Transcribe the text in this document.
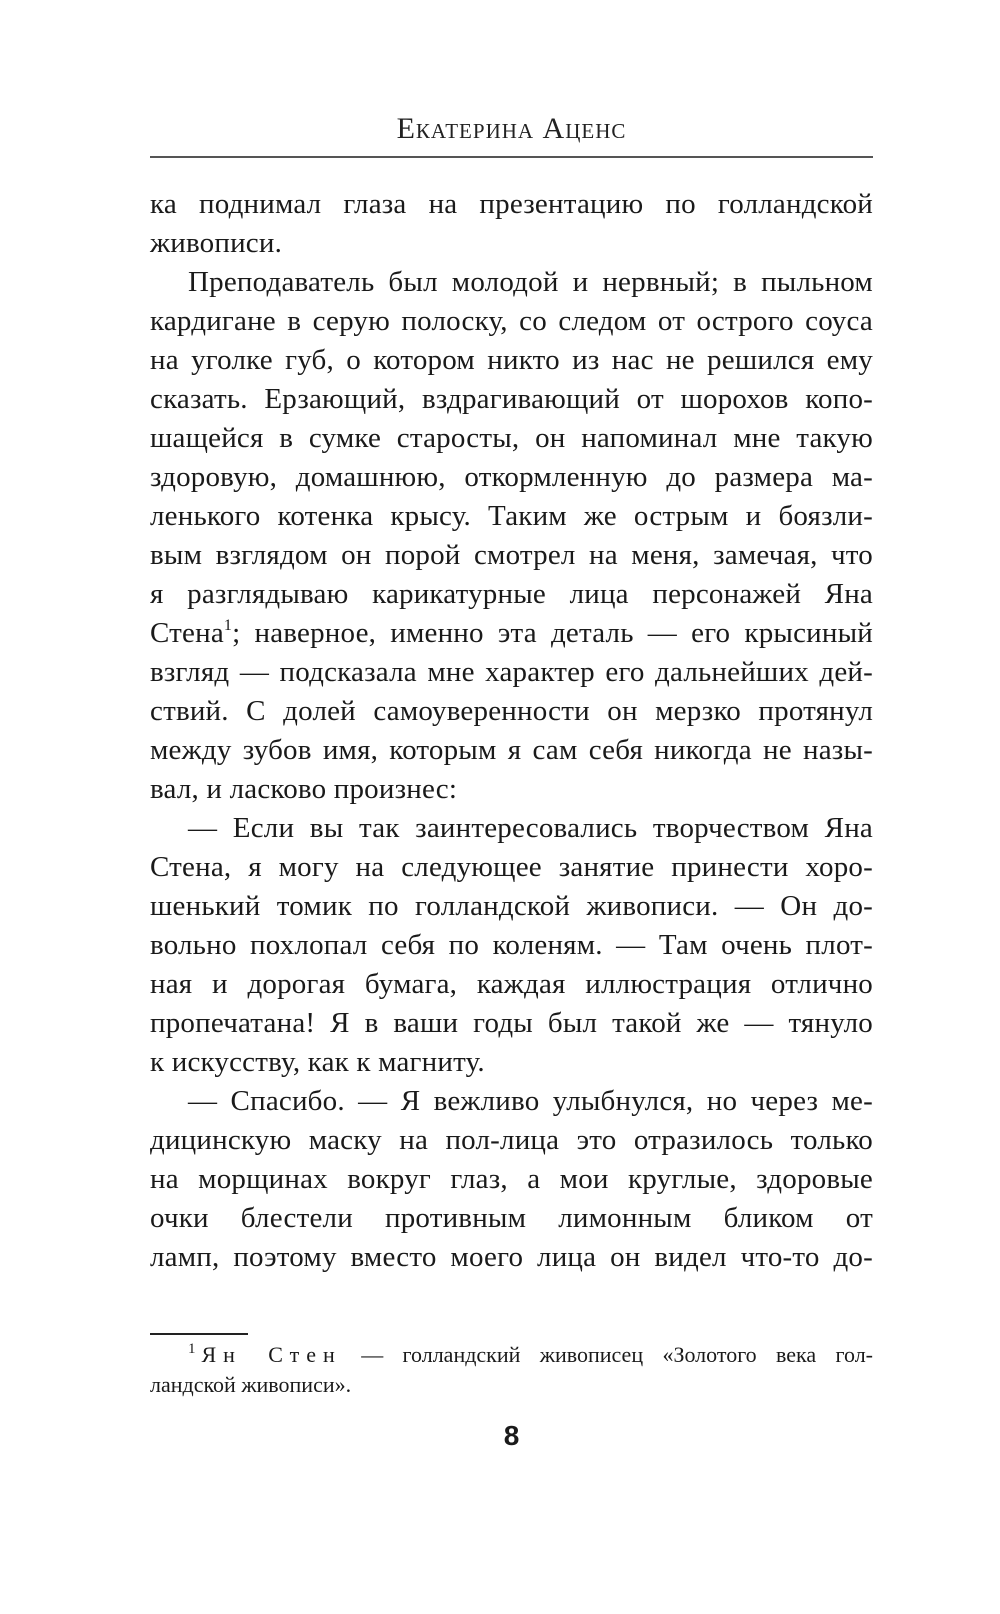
Екатерина Аценс
ка поднимал глаза на презентацию по голландской
живописи.
Преподаватель был молодой и нервный; в пыльном
кардигане в серую полоску, со следом от острого соуса
на уголке губ, о котором никто из нас не решился ему
сказать. Ерзающий, вздрагивающий от шорохов копо-
шащейся в сумке старосты, он напоминал мне такую
здоровую, домашнюю, откормленную до размера ма-
ленького котенка крысу. Таким же острым и боязли-
вым взглядом он порой смотрел на меня, замечая, что
я разглядываю карикатурные лица персонажей Яна
Стена$^1$; наверное, именно эта деталь — его крысиный
взгляд — подсказала мне характер его дальнейших дей-
ствий. С долей самоуверенности он мерзко протянул
между зубов имя, которым я сам себя никогда не назы-
вал, и ласково произнес:
— Если вы так заинтересовались творчеством Яна
Стена, я могу на следующее занятие принести хоро-
шенький томик по голландской живописи. — Он до-
вольно похлопал себя по коленям. — Там очень плот-
ная и дорогая бумага, каждая иллюстрация отлично
пропечатана! Я в ваши годы был такой же — тянуло
к искусству, как к магниту.
— Спасибо. — Я вежливо улыбнулся, но через ме-
дицинскую маску на пол-лица это отразилось только
на морщинах вокруг глаз, а мои круглые, здоровые
очки блестели противным лимонным бликом от
ламп, поэтому вместо моего лица он видел что-то до-
$^1$ Ян Стен — голландский живописец «Золотого века гол-
ландской живописи».
8
